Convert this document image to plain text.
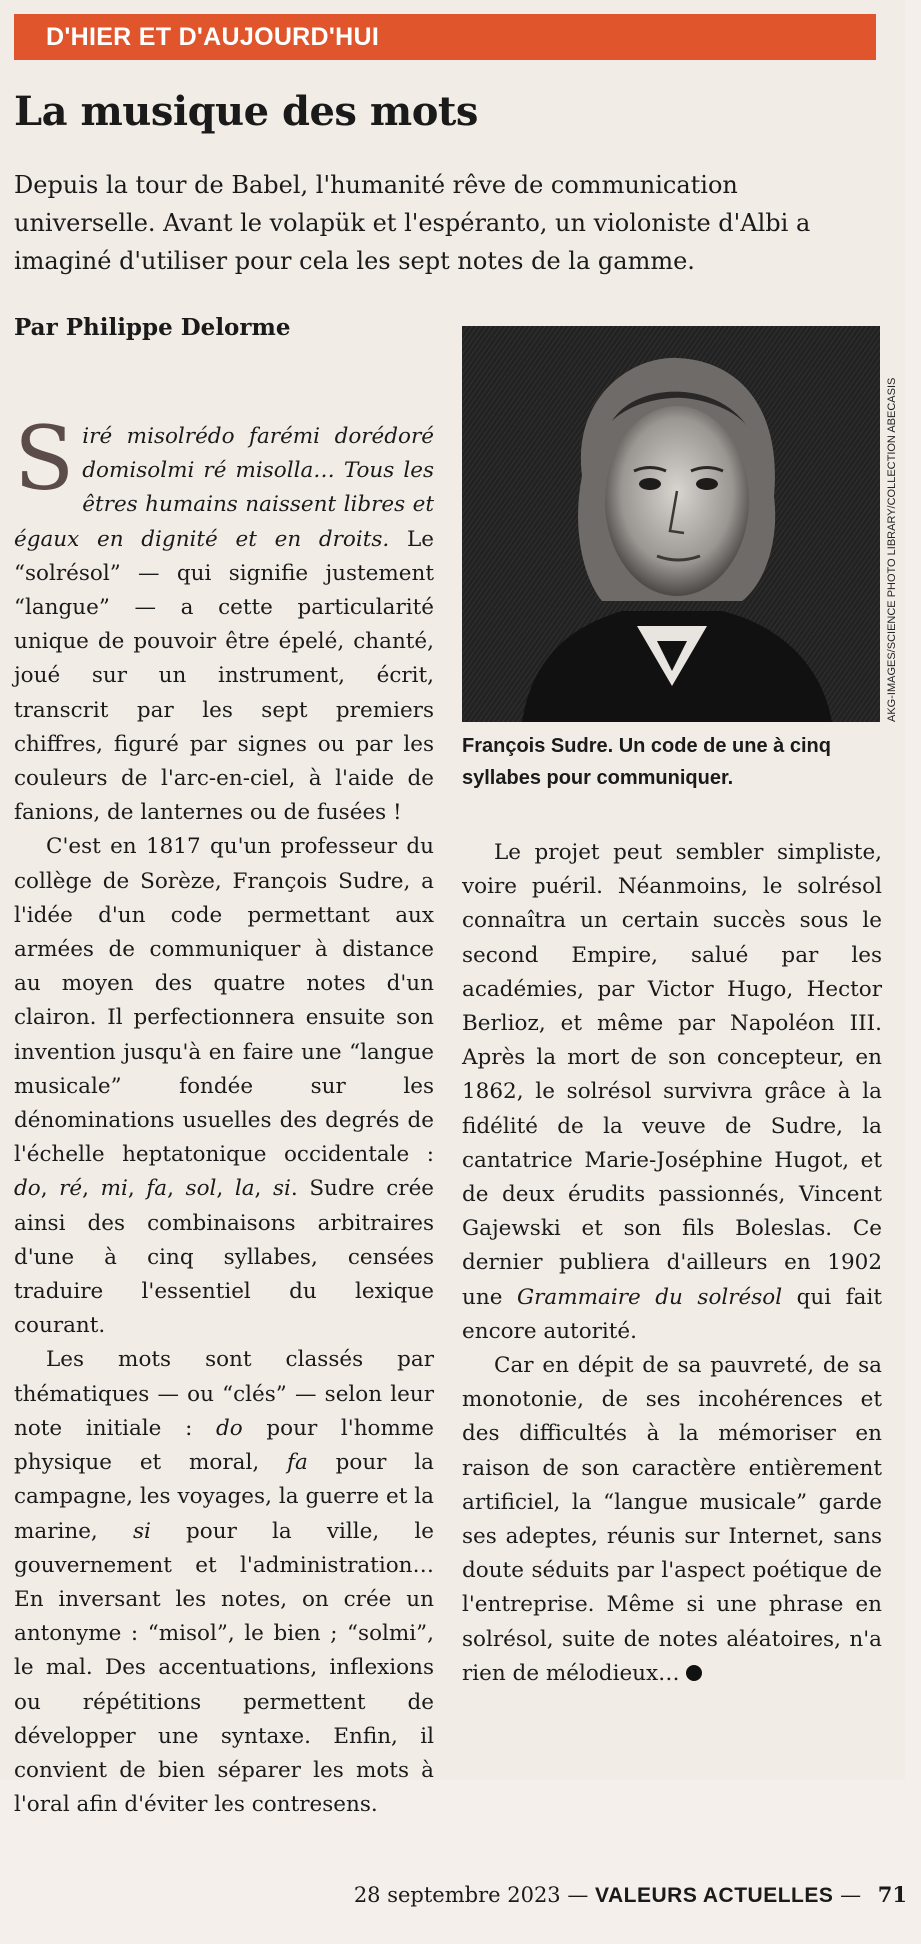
D'HIER ET D'AUJOURD'HUI
La musique des mots

Depuis la tour de Babel, l'humanité rêve de communication universelle. Avant le volapük et l'espéranto, un violoniste d'Albi a imaginé d'utiliser pour cela les sept notes de la gamme.

Par Philippe Delorme

AKG-IMAGES/SCIENCE PHOTO LIBRARY/COLLECTION ABECASIS

François Sudre. Un code de une à cinq syllabes pour communiquer.

Siré misolrédo farémi dorédoré domisolmi ré misolla… Tous les êtres humains naissent libres et égaux en dignité et en droits. Le “solrésol” — qui signifie justement “langue” — a cette particularité unique de pouvoir être épelé, chanté, joué sur un instrument, écrit, transcrit par les sept premiers chiffres, figuré par signes ou par les couleurs de l'arc-en-ciel, à l'aide de fanions, de lanternes ou de fusées !

C'est en 1817 qu'un professeur du collège de Sorèze, François Sudre, a l'idée d'un code permettant aux armées de communiquer à distance au moyen des quatre notes d'un clairon. Il perfectionnera ensuite son invention jusqu'à en faire une “langue musicale” fondée sur les dénominations usuelles des degrés de l'échelle heptatonique occidentale : do, ré, mi, fa, sol, la, si. Sudre crée ainsi des combinaisons arbitraires d'une à cinq syllabes, censées traduire l'essentiel du lexique courant.

Les mots sont classés par thématiques — ou “clés” — selon leur note initiale : do pour l'homme physique et moral, fa pour la campagne, les voyages, la guerre et la marine, si pour la ville, le gouvernement et l'administration… En inversant les notes, on crée un antonyme : “misol”, le bien ; “solmi”, le mal. Des accentuations, inflexions ou répétitions permettent de développer une syntaxe. Enfin, il convient de bien séparer les mots à l'oral afin d'éviter les contresens.

Le projet peut sembler simpliste, voire puéril. Néanmoins, le solrésol connaîtra un certain succès sous le second Empire, salué par les académies, par Victor Hugo, Hector Berlioz, et même par Napoléon III. Après la mort de son concepteur, en 1862, le solrésol survivra grâce à la fidélité de la veuve de Sudre, la cantatrice Marie-Joséphine Hugot, et de deux érudits passionnés, Vincent Gajewski et son fils Boleslas. Ce dernier publiera d'ailleurs en 1902 une Grammaire du solrésol qui fait encore autorité.

Car en dépit de sa pauvreté, de sa monotonie, de ses incohérences et des difficultés à la mémoriser en raison de son caractère entièrement artificiel, la “langue musicale” garde ses adeptes, réunis sur Internet, sans doute séduits par l'aspect poétique de l'entreprise. Même si une phrase en solrésol, suite de notes aléatoires, n'a rien de mélodieux…

28 septembre 2023 — VALEURS ACTUELLES — 71
